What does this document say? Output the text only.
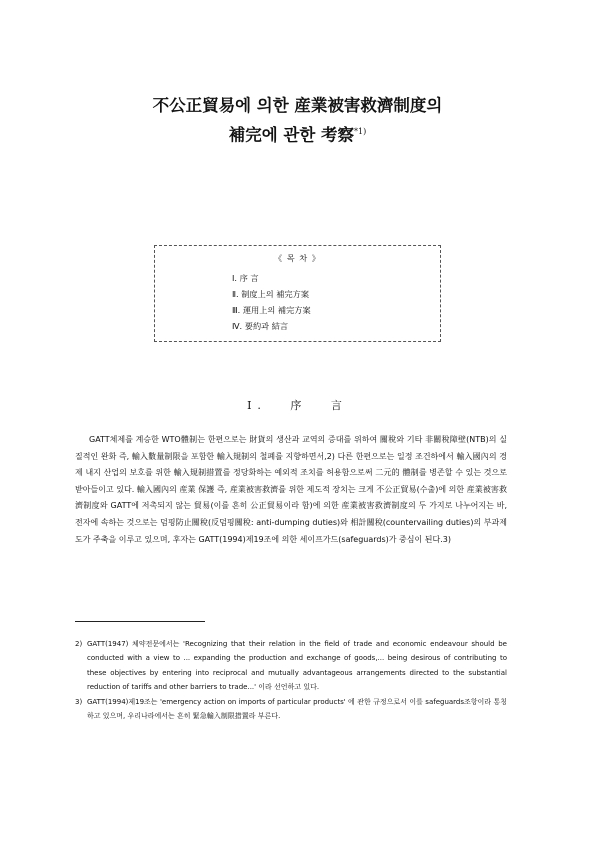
不公正貿易에 의한 産業被害救濟制度의
補完에 관한 考察$^{*1)}$
《 목 차 》
Ⅰ. 序 言
Ⅱ. 制度上의 補完方案
Ⅲ. 運用上의 補完方案
Ⅳ. 要約과 結言
Ⅰ. 序 言
GATT체제를 계승한 WTO體制는 한편으로는 財貨의 생산과 교역의 증대를 위하여 關稅와 기타 非關稅障壁(NTB)의 실질적인 완화 즉, 輸入數量制限을 포함한 輸入規制의 철폐를 지향하면서,2) 다른 한편으로는 일정 조건하에서 輸入國內의 경제 내지 산업의 보호를 위한 輸入規制措置를 정당화하는 예외적 조치를 허용함으로써 二元的 體制를 병존할 수 있는 것으로 받아들이고 있다. 輸入國內의 産業 保護 즉, 産業被害救濟를 위한 제도적 장치는 크게 不公正貿易(수출)에 의한 産業被害救濟制度와 GATT에 저촉되지 않는 貿易(이를 흔히 公正貿易이라 함)에 의한 産業被害救濟制度의 두 가지로 나누어지는 바, 전자에 속하는 것으로는 덤핑防止關稅(反덤핑關稅: anti-dumping duties)와 相計關稅(countervailing duties)의 부과제도가 주축을 이루고 있으며, 후자는 GATT(1994)제19조에 의한 세이프가드(safeguards)가 중심이 된다.3)
2) GATT(1947) 체약전문에서는 'Recognizing that their relation in the field of trade and economic endeavour should be conducted with a view to ... expanding the production and exchange of goods,... being desirous of contributing to these objectives by entering into reciprocal and mutually advantageous arrangements directed to the substantial reduction of tariffs and other barriers to trade...' 이라 선언하고 있다.
3) GATT(1994)제19조는 'emergency action on imports of particular products' 에 관한 규정으로서 이를 safeguards조항이라 통칭하고 있으며, 우리나라에서는 흔히 緊急輸入制限措置라 부른다.
